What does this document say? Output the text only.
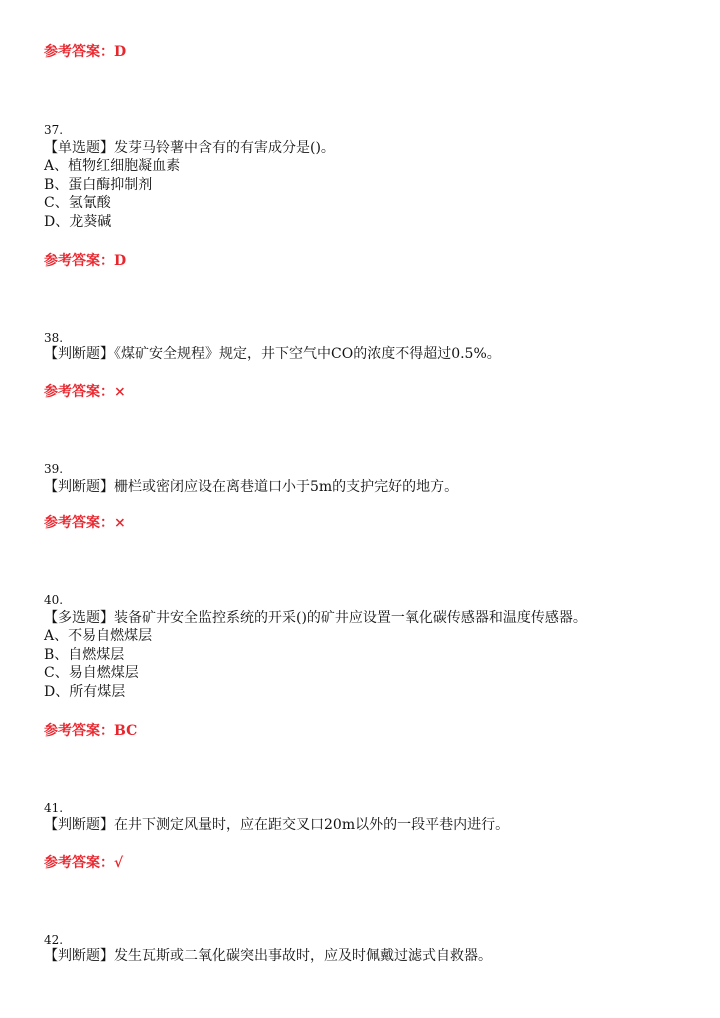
参考答案：D
37.
【单选题】发芽马铃薯中含有的有害成分是()。
A、植物红细胞凝血素
B、蛋白酶抑制剂
C、氢氰酸
D、龙葵碱
参考答案：D
38.
【判断题】《煤矿安全规程》规定，井下空气中CO的浓度不得超过0.5%。
参考答案：×
39.
【判断题】栅栏或密闭应设在离巷道口小于5m的支护完好的地方。
参考答案：×
40.
【多选题】装备矿井安全监控系统的开采()的矿井应设置一氧化碳传感器和温度传感器。
A、不易自燃煤层
B、自燃煤层
C、易自燃煤层
D、所有煤层
参考答案：BC
41.
【判断题】在井下测定风量时，应在距交叉口20m以外的一段平巷内进行。
参考答案：√
42.
【判断题】发生瓦斯或二氧化碳突出事故时，应及时佩戴过滤式自救器。
